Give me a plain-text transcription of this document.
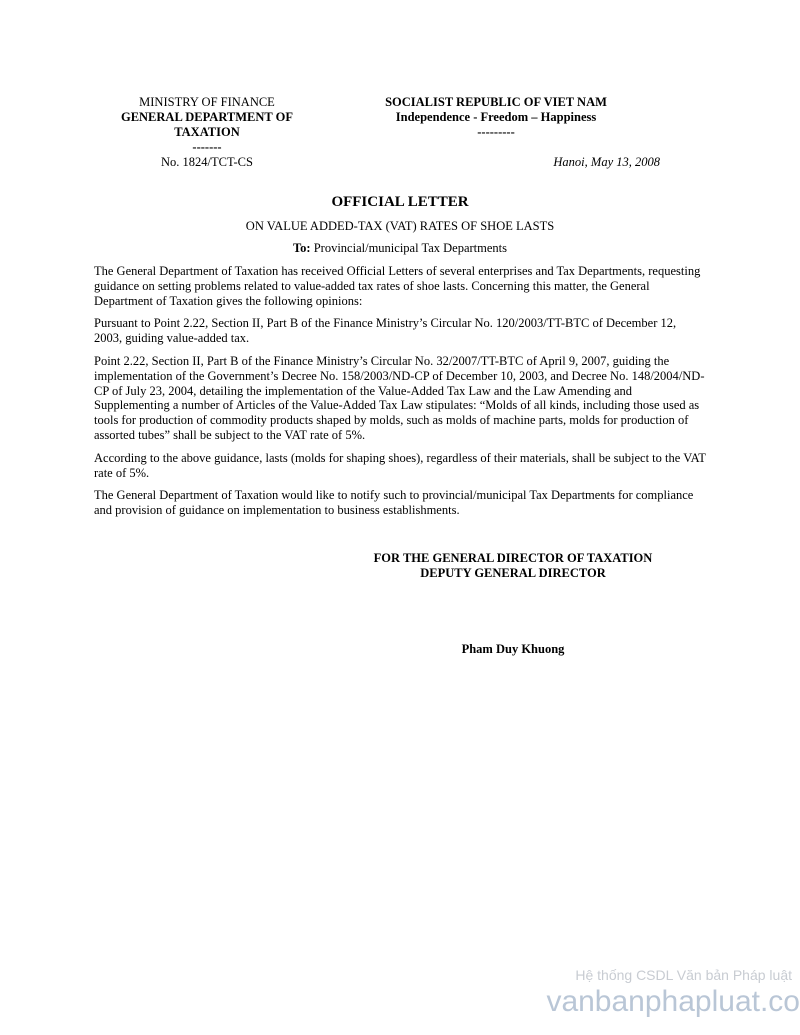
MINISTRY OF FINANCE
GENERAL DEPARTMENT OF
TAXATION
-------
SOCIALIST REPUBLIC OF VIET NAM
Independence - Freedom – Happiness
---------
No. 1824/TCT-CS	Hanoi, May 13, 2008
OFFICIAL LETTER
ON VALUE ADDED-TAX (VAT) RATES OF SHOE LASTS
To: Provincial/municipal Tax Departments

The General Department of Taxation has received Official Letters of several enterprises and Tax Departments, requesting guidance on setting problems related to value-added tax rates of shoe lasts. Concerning this matter, the General Department of Taxation gives the following opinions:

Pursuant to Point 2.22, Section II, Part B of the Finance Ministry’s Circular No. 120/2003/TT-BTC of December 12, 2003, guiding value-added tax.

Point 2.22, Section II, Part B of the Finance Ministry’s Circular No. 32/2007/TT-BTC of April 9, 2007, guiding the implementation of the Government’s Decree No. 158/2003/ND-CP of December 10, 2003, and Decree No. 148/2004/ND-CP of July 23, 2004, detailing the implementation of the Value-Added Tax Law and the Law Amending and Supplementing a number of Articles of the Value-Added Tax Law stipulates: “Molds of all kinds, including those used as tools for production of commodity products shaped by molds, such as molds of machine parts, molds for production of assorted tubes” shall be subject to the VAT rate of 5%.

According to the above guidance, lasts (molds for shaping shoes), regardless of their materials, shall be subject to the VAT rate of 5%.

The General Department of Taxation would like to notify such to provincial/municipal Tax Departments for compliance and provision of guidance on implementation to business establishments.

FOR THE GENERAL DIRECTOR OF TAXATION
DEPUTY GENERAL DIRECTOR
Pham Duy Khuong
Hệ thống CSDL Văn bản Pháp luật
vanbanphapluat.co
